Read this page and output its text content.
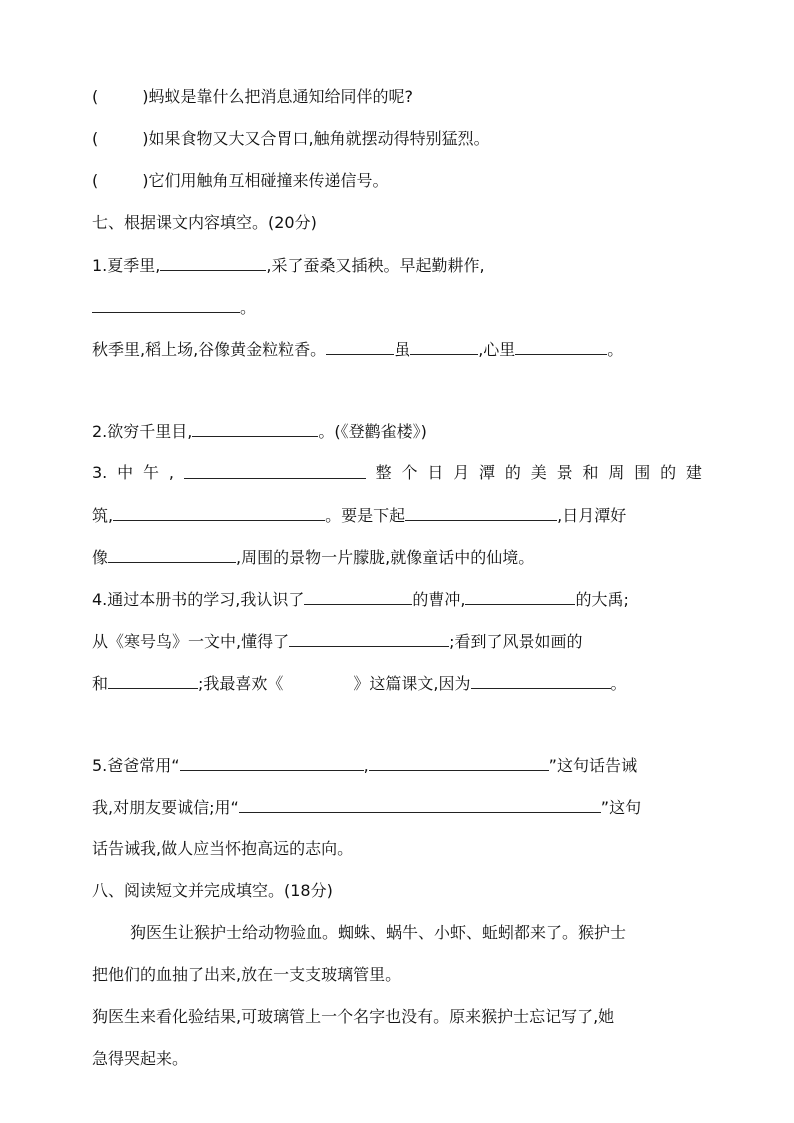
(	)蚂蚁是靠什么把消息通知给同伴的呢?
(	)如果食物又大又合胃口,触角就摆动得特别猛烈。
(	)它们用触角互相碰撞来传递信号。
七、根据课文内容填空。(20分)
1.夏季里,	,采了蚕桑又插秧。早起勤耕作,
。
秋季里,稻上场,谷像黄金粒粒香。	虽	,心里	。
2.欲穷千里目,	。(《登鹳雀楼》)
3. 中 午 ,	整 个 日 月 潭 的 美 景 和 周 围 的 建
筑,	。要是下起	,日月潭好
像	,周围的景物一片朦胧,就像童话中的仙境。
4.通过本册书的学习,我认识了	的曹冲,	的大禹;
从《寒号鸟》一文中,懂得了	;看到了风景如画的
和	;我最喜欢《	》这篇课文,因为	。
5.爸爸常用“	,	”这句话告诫
我,对朋友要诚信;用“	”这句
话告诫我,做人应当怀抱高远的志向。
八、阅读短文并完成填空。(18分)
狗医生让猴护士给动物验血。蜘蛛、蜗牛、小虾、蚯蚓都来了。猴护士
把他们的血抽了出来,放在一支支玻璃管里。
狗医生来看化验结果,可玻璃管上一个名字也没有。原来猴护士忘记写了,她
急得哭起来。
